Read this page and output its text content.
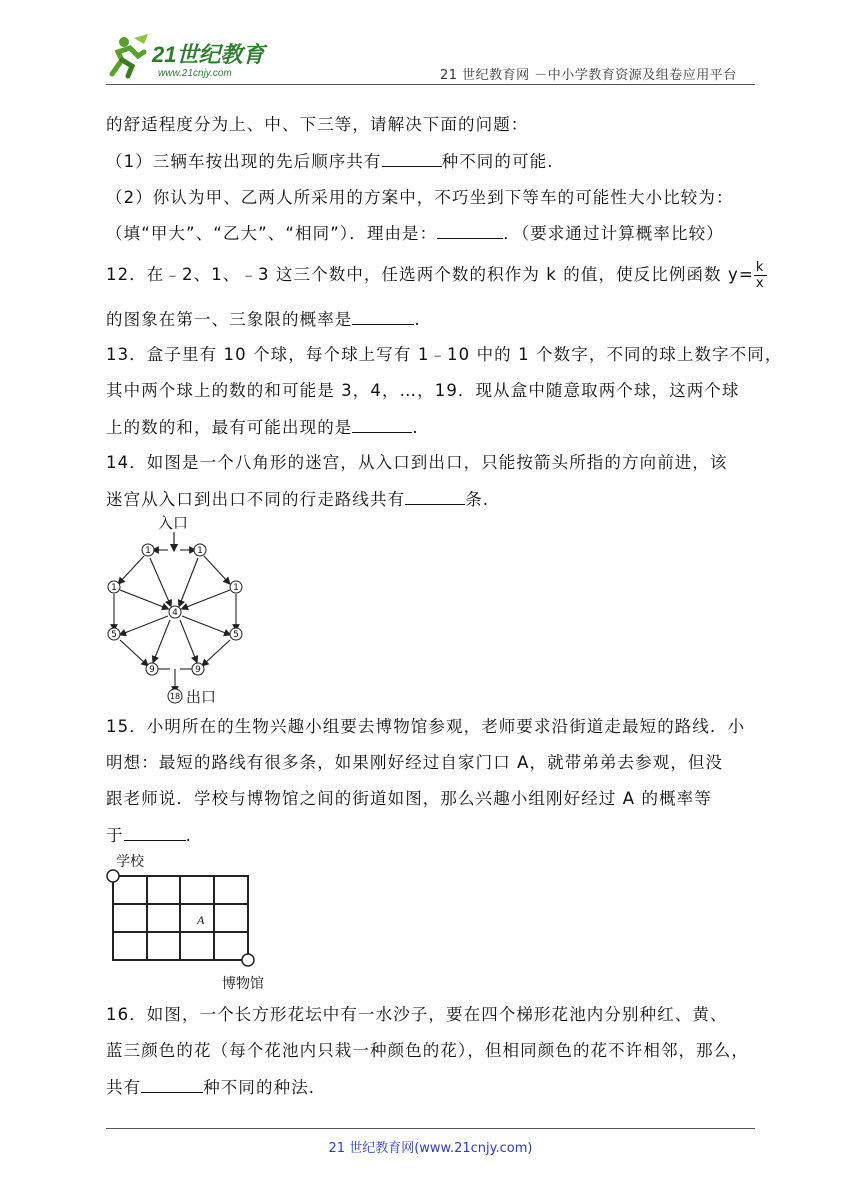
21世纪教育
www.21cnjy.com	21 世纪教育网 －中小学教育资源及组卷应用平台
的舒适程度分为上、中、下三等，请解决下面的问题：
（1）三辆车按出现的先后顺序共有	种不同的可能.
（2）你认为甲、乙两人所采用的方案中，不巧坐到下等车的可能性大小比较为：
（填“甲大”、“乙大”、“相同”）．理由是：	．（要求通过计算概率比较）
12．在﹣2、1、﹣3 这三个数中，任选两个数的积作为 k 的值，使反比例函数 $y= \frac{k}{x}$
的图象在第一、三象限的概率是	.
13．盒子里有 10 个球，每个球上写有 1﹣10 中的 1 个数字，不同的球上数字不同，
其中两个球上的数的和可能是 3，4，…，19．现从盒中随意取两个球，这两个球
上的数的和，最有可能出现的是	.
14．如图是一个八角形的迷宫，从入口到出口，只能按箭头所指的方向前进，该
迷宫从入口到出口不同的行走路线共有	条.
入口
1	1
1	1
5	5
9	9
4
18 出口
15．小明所在的生物兴趣小组要去博物馆参观，老师要求沿街道走最短的路线．小
明想：最短的路线有很多条，如果刚好经过自家门口 A，就带弟弟去参观，但没
跟老师说．学校与博物馆之间的街道如图，那么兴趣小组刚好经过 A 的概率等
于	.
学校
A
博物馆
16．如图，一个长方形花坛中有一水沙子，要在四个梯形花池内分别种红、黄、
蓝三颜色的花（每个花池内只栽一种颜色的花），但相同颜色的花不许相邻，那么，
共有	种不同的种法.
21 世纪教育网(www.21cnjy.com)
